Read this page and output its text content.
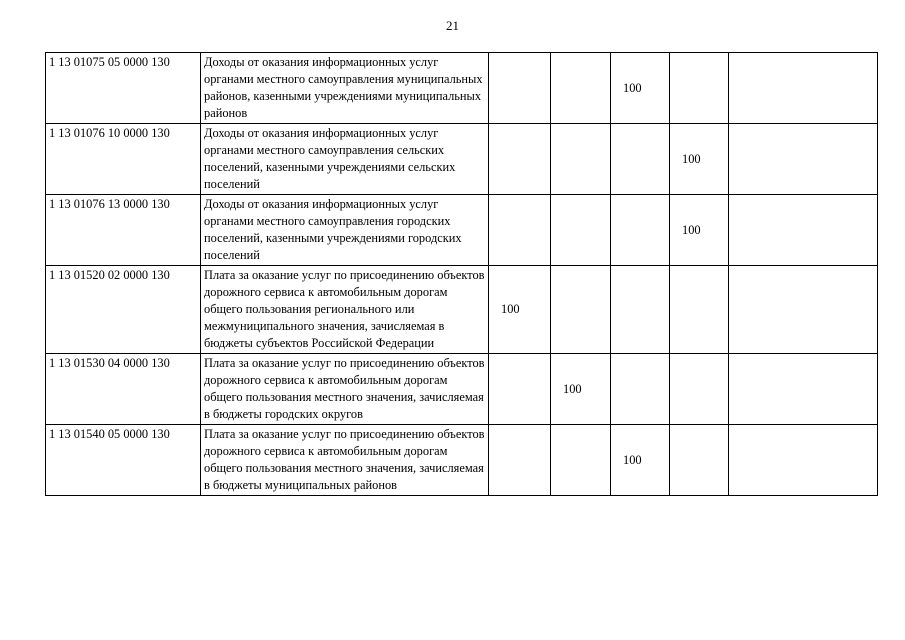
21
1 13 01075 05 0000 130	Доходы от оказания информационных услуг органами местного самоуправления муниципальных районов, казенными учреждениями муниципальных районов			100		
1 13 01076 10 0000 130	Доходы от оказания информационных услуг органами местного самоуправления сельских поселений, казенными учреждениями сельских поселений				100	
1 13 01076 13 0000 130	Доходы от оказания информационных услуг органами местного самоуправления городских поселений, казенными учреждениями городских поселений				100	
1 13 01520 02 0000 130	Плата за оказание услуг по присоединению объектов дорожного сервиса к автомобильным дорогам общего пользования регионального или межмуниципального значения, зачисляемая в бюджеты субъектов Российской Федерации	100				
1 13 01530 04 0000 130	Плата за оказание услуг по присоединению объектов дорожного сервиса к автомобильным дорогам общего пользования местного значения, зачисляемая в бюджеты городских округов		100			
1 13 01540 05 0000 130	Плата за оказание услуг по присоединению объектов дорожного сервиса к автомобильным дорогам общего пользования местного значения, зачисляемая в бюджеты муниципальных районов			100		
